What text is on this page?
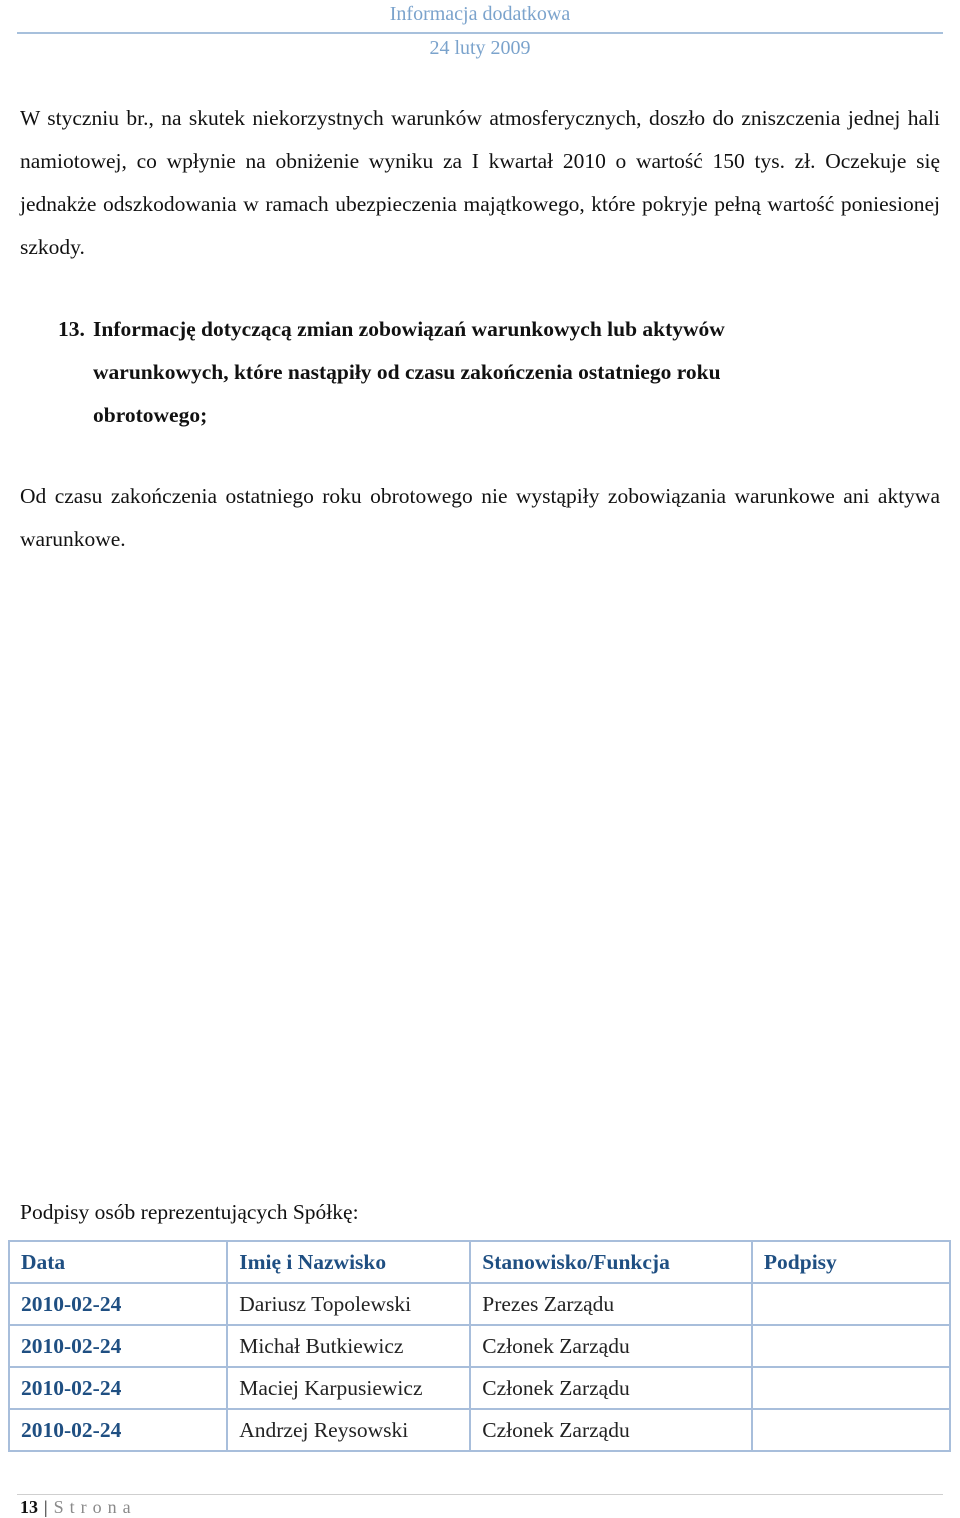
Informacja dodatkowa
24 luty 2009

W styczniu br., na skutek niekorzystnych warunków atmosferycznych, doszło do zniszczenia jednej hali namiotowej, co wpłynie na obniżenie wyniku za I kwartał 2010 o wartość 150 tys. zł. Oczekuje się jednakże odszkodowania w ramach ubezpieczenia majątkowego, które pokryje pełną wartość poniesionej szkody.

13. Informację dotyczącą zmian zobowiązań warunkowych lub aktywów warunkowych, które nastąpiły od czasu zakończenia ostatniego roku obrotowego;

Od czasu zakończenia ostatniego roku obrotowego nie wystąpiły zobowiązania warunkowe ani aktywa warunkowe.

Podpisy osób reprezentujących Spółkę:

Data	Imię i Nazwisko	Stanowisko/Funkcja	Podpisy
2010-02-24	Dariusz Topolewski	Prezes Zarządu	
2010-02-24	Michał Butkiewicz	Członek Zarządu	
2010-02-24	Maciej Karpusiewicz	Członek Zarządu	
2010-02-24	Andrzej Reysowski	Członek Zarządu	
13 | Strona
